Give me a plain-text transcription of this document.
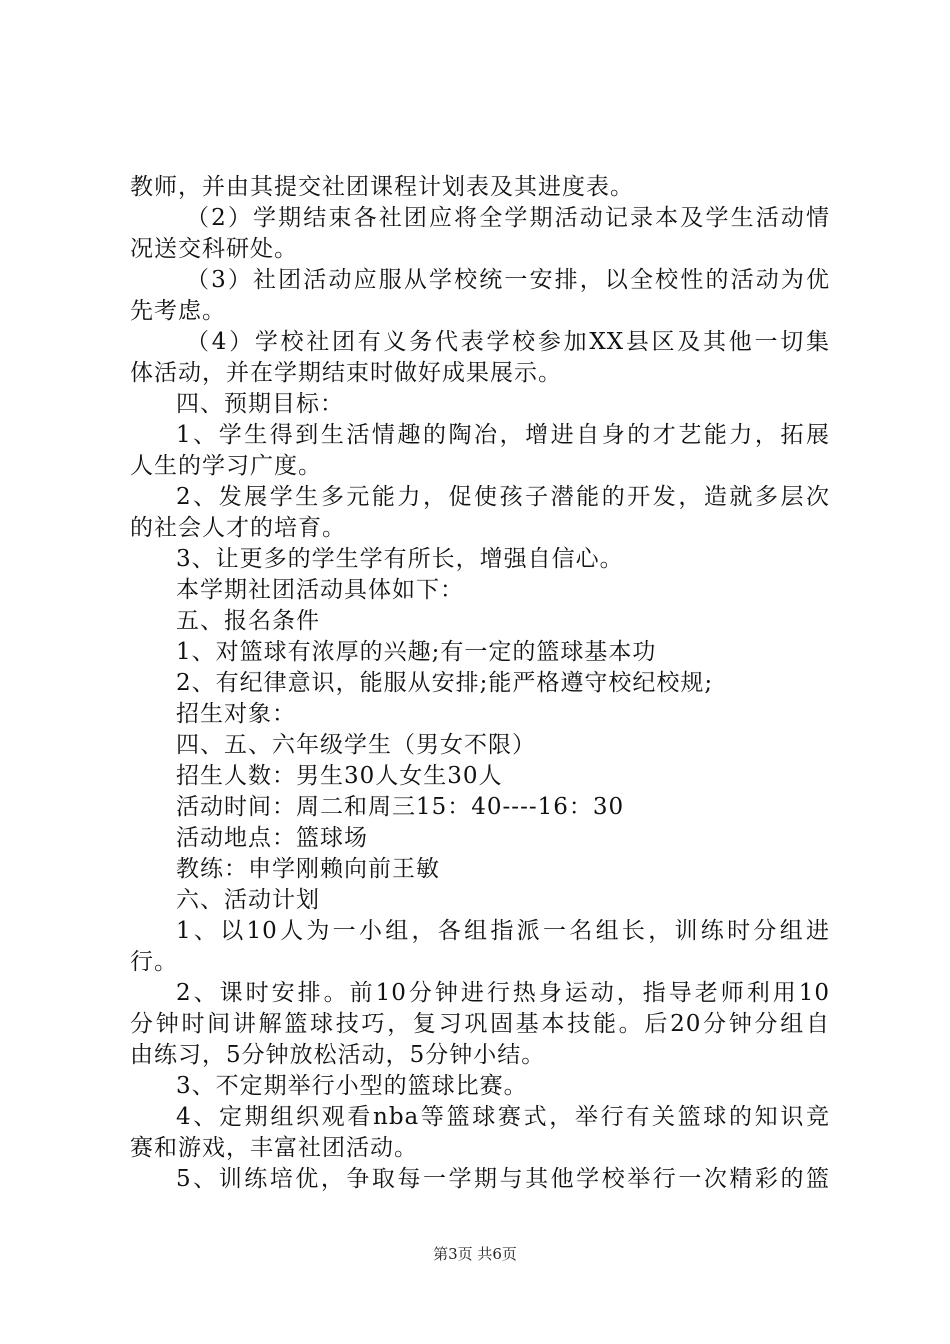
教师，并由其提交社团课程计划表及其进度表。
（2）学期结束各社团应将全学期活动记录本及学生活动情
况送交科研处。
（3）社团活动应服从学校统一安排，以全校性的活动为优
先考虑。
（4）学校社团有义务代表学校参加XX县区及其他一切集
体活动，并在学期结束时做好成果展示。
四、预期目标：
1、学生得到生活情趣的陶冶，增进自身的才艺能力，拓展
人生的学习广度。
2、发展学生多元能力，促使孩子潜能的开发，造就多层次
的社会人才的培育。
3、让更多的学生学有所长，增强自信心。
本学期社团活动具体如下：
五、报名条件
1、对篮球有浓厚的兴趣;有一定的篮球基本功
2、有纪律意识，能服从安排;能严格遵守校纪校规;
招生对象：
四、五、六年级学生（男女不限）
招生人数：男生30人女生30人
活动时间：周二和周三15：40----16：30
活动地点：篮球场
教练：申学刚赖向前王敏
六、活动计划
1、以10人为一小组，各组指派一名组长，训练时分组进
行。
2、课时安排。前10分钟进行热身运动，指导老师利用10
分钟时间讲解篮球技巧，复习巩固基本技能。后20分钟分组自
由练习，5分钟放松活动，5分钟小结。
3、不定期举行小型的篮球比赛。
4、定期组织观看nba等篮球赛式，举行有关篮球的知识竞
赛和游戏，丰富社团活动。
5、训练培优，争取每一学期与其他学校举行一次精彩的篮
第3页 共6页
